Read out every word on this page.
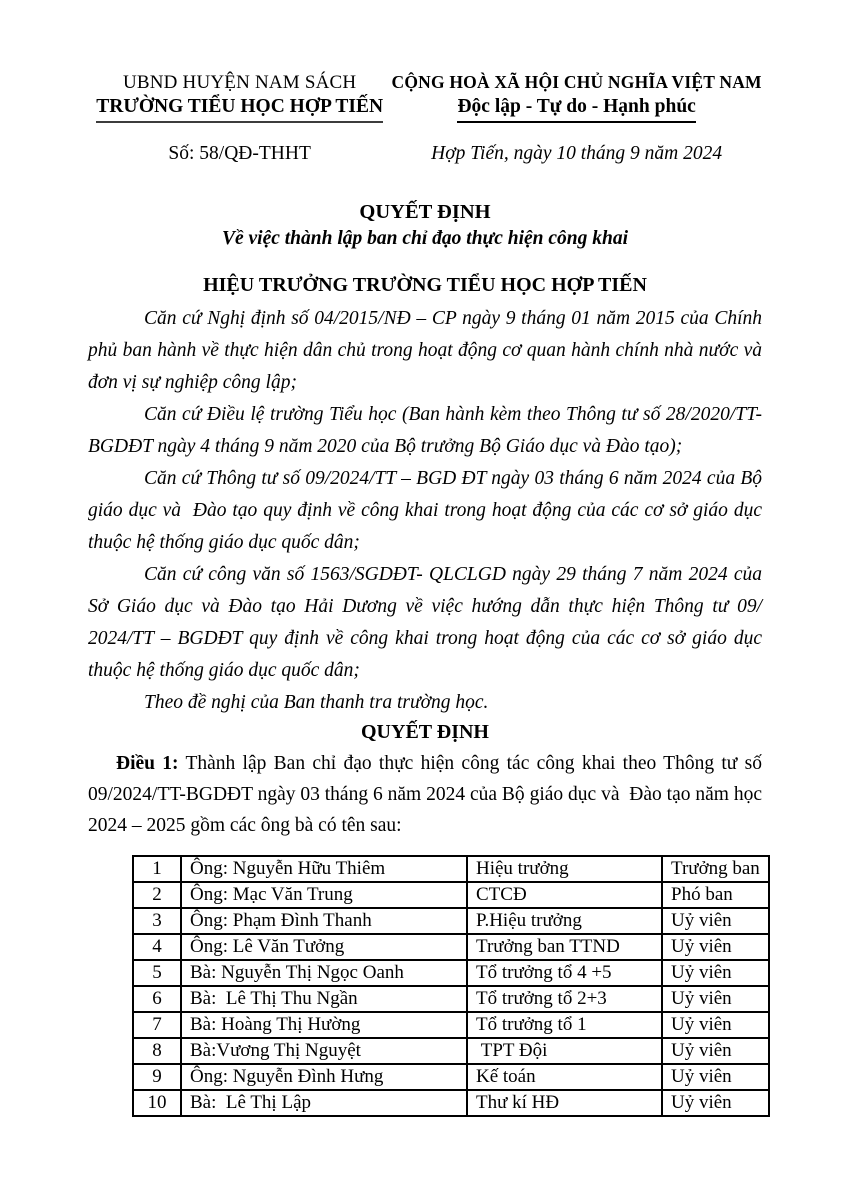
UBND HUYỆN NAM SÁCH
TRƯỜNG TIỂU HỌC HỢP TIẾN
CỘNG HOÀ XÃ HỘI CHỦ NGHĨA VIỆT NAM
Độc lập - Tự do - Hạnh phúc
Số: 58/QĐ-THHT	Hợp Tiến, ngày 10 tháng 9 năm 2024
QUYẾT ĐỊNH
Về việc thành lập ban chỉ đạo thực hiện công khai
HIỆU TRƯỞNG TRƯỜNG TIỂU HỌC HỢP TIẾN

Căn cứ Nghị định số 04/2015/NĐ – CP ngày 9 tháng 01 năm 2015 của Chính phủ ban hành về thực hiện dân chủ trong hoạt động cơ quan hành chính nhà nước và đơn vị sự nghiệp công lập;

Căn cứ Điều lệ trường Tiểu học (Ban hành kèm theo Thông tư số 28/2020/TT-BGDĐT ngày 4 tháng 9 năm 2020 của Bộ trưởng Bộ Giáo dục và Đào tạo);

Căn cứ Thông tư số 09/2024/TT – BGD ĐT ngày 03 tháng 6 năm 2024 của Bộ giáo dục và  Đào tạo quy định về công khai trong hoạt động của các cơ sở giáo dục thuộc hệ thống giáo dục quốc dân;

Căn cứ công văn số 1563/SGDĐT- QLCLGD ngày 29 tháng 7 năm 2024 của Sở Giáo dục và Đào tạo Hải Dương về việc hướng dẫn thực hiện Thông tư 09/ 2024/TT – BGDĐT quy định về công khai trong hoạt động của các cơ sở giáo dục thuộc hệ thống giáo dục quốc dân;

Theo đề nghị của Ban thanh tra trường học.

QUYẾT ĐỊNH

Điều 1: Thành lập Ban chỉ đạo thực hiện công tác công khai theo Thông tư số 09/2024/TT-BGDĐT ngày 03 tháng 6 năm 2024 của Bộ giáo dục và  Đào tạo năm học 2024 – 2025 gồm các ông bà có tên sau:

1	Ông: Nguyễn Hữu Thiêm	Hiệu trưởng	Trưởng ban
2	Ông: Mạc Văn Trung	CTCĐ	Phó ban
3	Ông: Phạm Đình Thanh	P.Hiệu trưởng	Uỷ viên
4	Ông: Lê Văn Tưởng	Trưởng ban TTND	Uỷ viên
5	Bà: Nguyễn Thị Ngọc Oanh	Tổ trưởng tổ 4 +5	Uỷ viên
6	Bà:  Lê Thị Thu Ngần	Tổ trưởng tổ 2+3	Uỷ viên
7	Bà: Hoàng Thị Hường	Tổ trưởng tổ 1	Uỷ viên
8	Bà:Vương Thị Nguyệt	TPT Đội	Uỷ viên
9	Ông: Nguyễn Đình Hưng	Kế toán	Uỷ viên
10	Bà:  Lê Thị Lập	Thư kí HĐ	Uỷ viên
